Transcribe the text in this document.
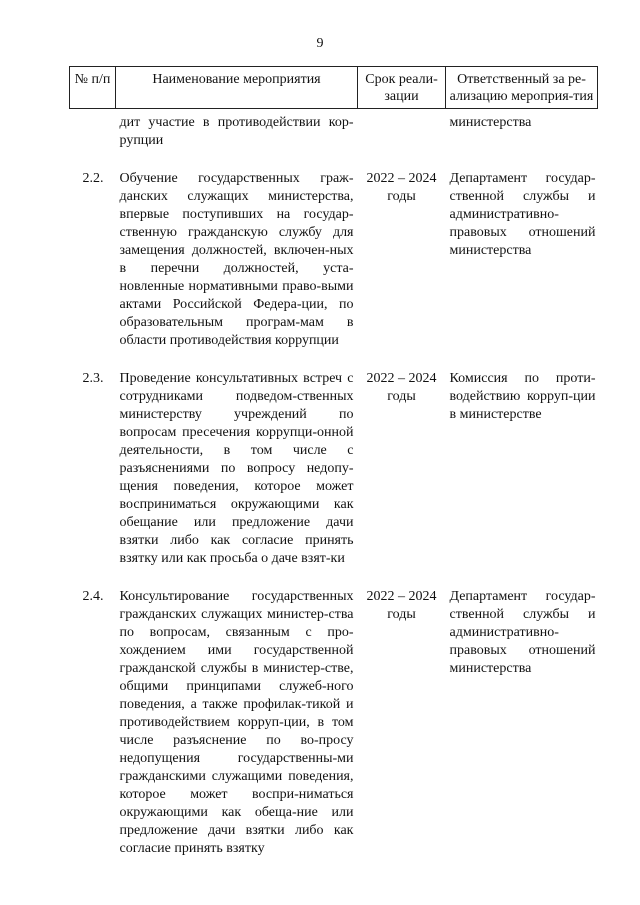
9
№ п/п	Наименование мероприятия	Срок реали-зации	Ответственный за ре-ализацию мероприя-тия
	дит участие в противодействии кор-рупции		министерства
2.2.	Обучение государственных граж-данских служащих министерства, впервые поступивших на государ-ственную гражданскую службу для замещения должностей, включен-ных в перечни должностей, уста-новленные нормативными право-выми актами Российской Федера-ции, по образовательным програм-мам в области противодействия коррупции	2022 – 2024 годы	Департамент государ-ственной службы и административно-правовых отношений министерства
2.3.	Проведение консультативных встреч с сотрудниками подведом-ственных министерству учреждений по вопросам пресечения коррупци-онной деятельности, в том числе с разъяснениями по вопросу недопу-щения поведения, которое может восприниматься окружающими как обещание или предложение дачи взятки либо как согласие принять взятку или как просьба о даче взят-ки	2022 – 2024 годы	Комиссия по проти-водействию корруп-ции в министерстве
2.4.	Консультирование государственных гражданских служащих министер-ства по вопросам, связанным с про-хождением ими государственной гражданской службы в министер-стве, общими принципами служеб-ного поведения, а также профилак-тикой и противодействием корруп-ции, в том числе разъяснение по во-просу недопущения государственны-ми гражданскими служащими поведения, которое может воспри-ниматься окружающими как обеща-ние или предложение дачи взятки либо как согласие принять взятку	2022 – 2024 годы	Департамент государ-ственной службы и административно-правовых отношений министерства
